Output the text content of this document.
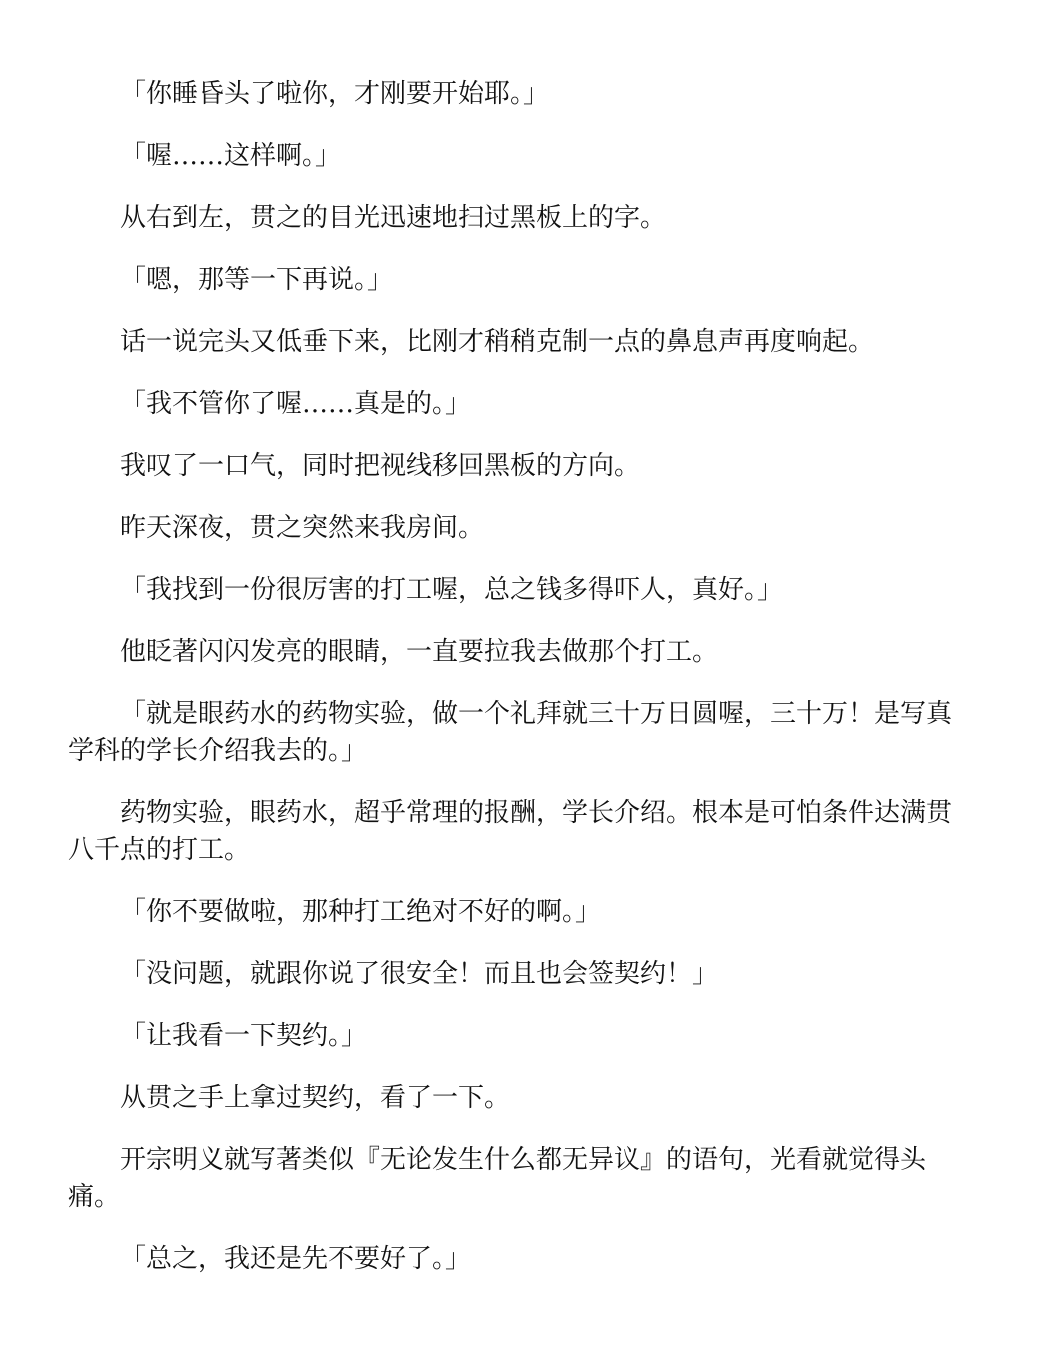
「你睡昏头了啦你，才刚要开始耶。」

「喔……这样啊。」

从右到左，贯之的目光迅速地扫过黑板上的字。

「嗯，那等一下再说。」

话一说完头又低垂下来，比刚才稍稍克制一点的鼻息声再度响起。

「我不管你了喔……真是的。」

我叹了一口气，同时把视线移回黑板的方向。

昨天深夜，贯之突然来我房间。

「我找到一份很厉害的打工喔，总之钱多得吓人，真好。」

他眨著闪闪发亮的眼睛，一直要拉我去做那个打工。

「就是眼药水的药物实验，做一个礼拜就三十万日圆喔，三十万！是写真学科的学长介绍我去的。」

药物实验，眼药水，超乎常理的报酬，学长介绍。根本是可怕条件达满贯八千点的打工。

「你不要做啦，那种打工绝对不好的啊。」

「没问题，就跟你说了很安全！而且也会签契约！」

「让我看一下契约。」

从贯之手上拿过契约，看了一下。

开宗明义就写著类似『无论发生什么都无异议』的语句，光看就觉得头痛。

「总之，我还是先不要好了。」
